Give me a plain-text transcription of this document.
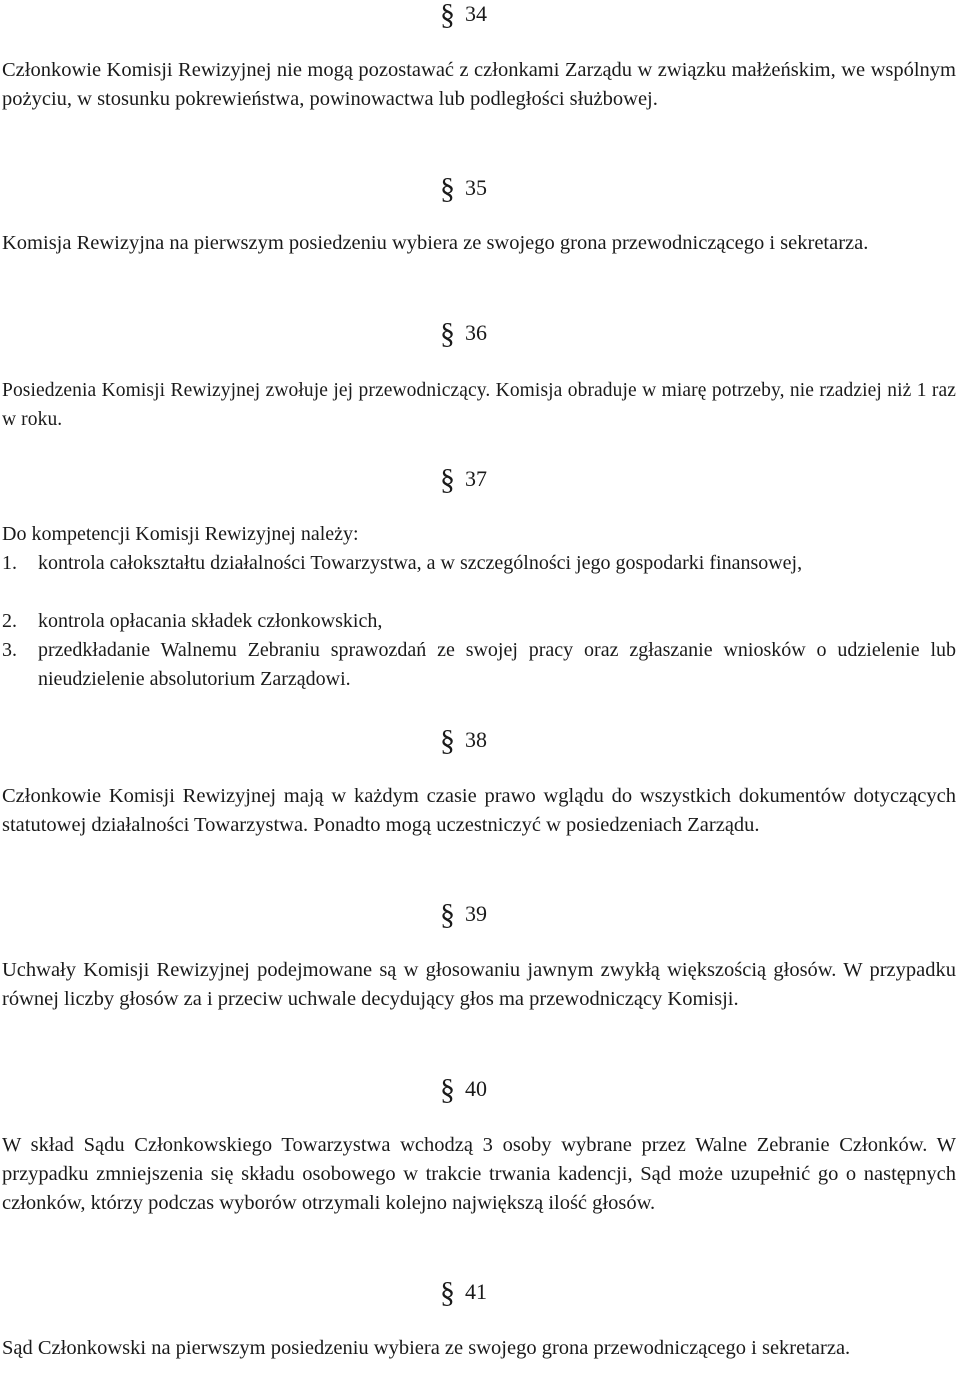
§ 34
Członkowie Komisji Rewizyjnej nie mogą pozostawać z członkami Zarządu w związku małżeńskim, we wspólnym pożyciu, w stosunku pokrewieństwa, powinowactwa lub podległości służbowej.
§ 35
Komisja Rewizyjna na pierwszym posiedzeniu wybiera ze swojego grona przewodniczącego i sekretarza.
§ 36
Posiedzenia Komisji Rewizyjnej zwołuje jej przewodniczący. Komisja obraduje w miarę potrzeby, nie rzadziej niż 1 raz w roku.
§ 37
Do kompetencji Komisji Rewizyjnej należy:
1. kontrola całokształtu działalności Towarzystwa, a w szczególności jego gospodarki finansowej,
2. kontrola opłacania składek członkowskich,
3. przedkładanie Walnemu Zebraniu sprawozdań ze swojej pracy oraz zgłaszanie wniosków o udzielenie lub nieudzielenie absolutorium Zarządowi.
§ 38
Członkowie Komisji Rewizyjnej mają w każdym czasie prawo wglądu do wszystkich dokumentów dotyczących statutowej działalności Towarzystwa. Ponadto mogą uczestniczyć w posiedzeniach Zarządu.
§ 39
Uchwały Komisji Rewizyjnej podejmowane są w głosowaniu jawnym zwykłą większością głosów. W przypadku równej liczby głosów za i przeciw uchwale decydujący głos ma przewodniczący Komisji.
§ 40
W skład Sądu Członkowskiego Towarzystwa wchodzą 3 osoby wybrane przez Walne Zebranie Członków. W przypadku zmniejszenia się składu osobowego w trakcie trwania kadencji, Sąd może uzupełnić go o następnych członków, którzy podczas wyborów otrzymali kolejno największą ilość głosów.
§ 41
Sąd Członkowski na pierwszym posiedzeniu wybiera ze swojego grona przewodniczącego i sekretarza.
